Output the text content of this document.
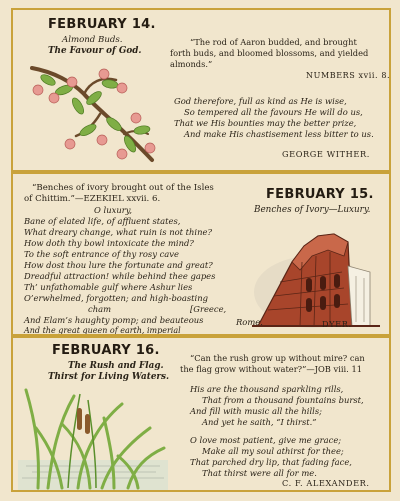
FEBRUARY 14.
Almond Buds.
The Favour of God.
“The rod of Aaron budded, and brought
forth buds, and bloomed blossoms, and yielded
almonds.”
NUMBERS xvii. 8.
God therefore, full as kind as He is wise,
So tempered all the favours He will do us,
That we His bounties may the better prize,
And make His chastisement less bitter to us.
GEORGE WITHER.
“Benches of ivory brought out of the Isles
of Chittim.”—EZEKIEL xxvii. 6.
O luxury,
Bane of elated life, of affluent states,
What dreary change, what ruin is not thine?
How doth thy bowl intoxicate the mind?
To the soft entrance of thy rosy cave
How dost thou lure the fortunate and great?
Dreadful attraction! while behind thee gapes
Th’ unfathomable gulf where Ashur lies
O’erwhelmed, forgotten; and high-boasting
cham	[Greece,
And Elam’s haughty pomp; and beauteous
And the great queen of earth, imperial
FEBRUARY 15.
Benches of Ivory—Luxury.
Rome.	DYER.
FEBRUARY 16.
The Rush and Flag.
Thirst for Living Waters.
“Can the rush grow up without mire? can
the flag grow without water?”—JOB viii. 11
His are the thousand sparkling rills,
That from a thousand fountains burst,
And fill with music all the hills;
And yet he saith, “I thirst.”
O love most patient, give me grace;
Make all my soul athirst for thee;
That parched dry lip, that fading face,
That thirst were all for me.
C. F. ALEXANDER.
